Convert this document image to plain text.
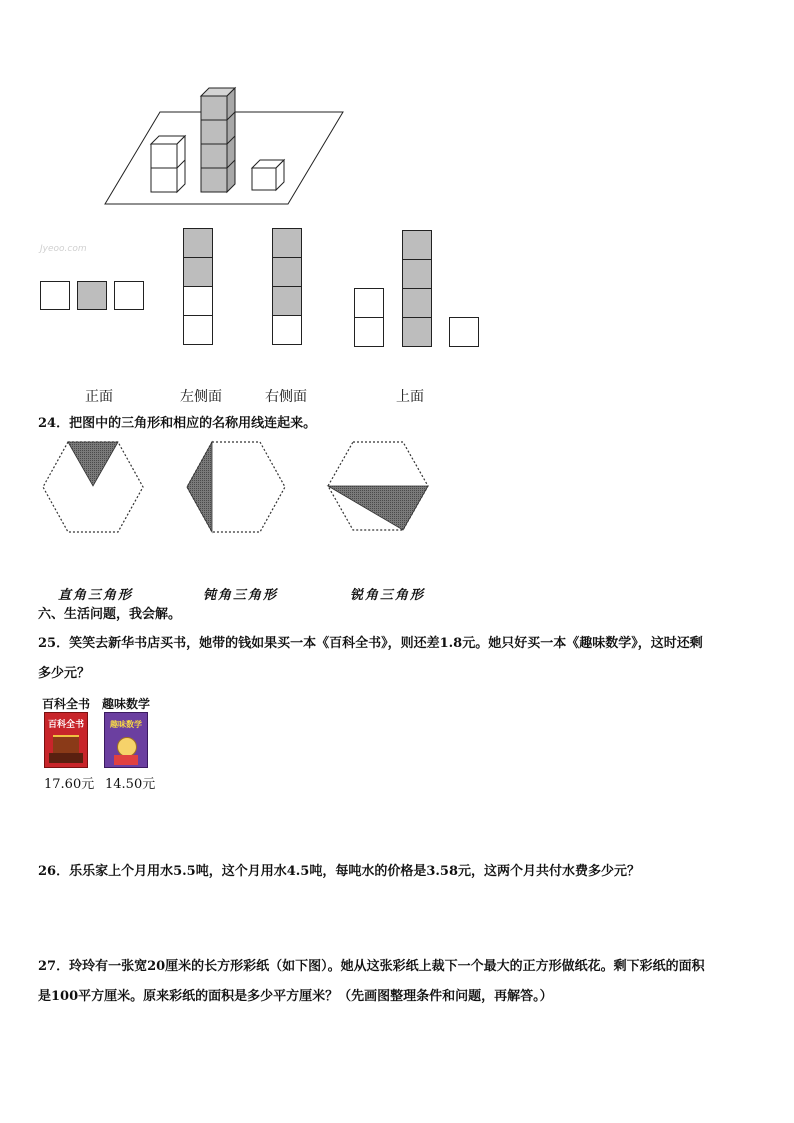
Jyeoo.com
正面	左侧面	右侧面	上面
24．把图中的三角形和相应的名称用线连起来。
直角三角形	钝角三角形	锐角三角形
六、生活问题，我会解。
25．笑笑去新华书店买书，她带的钱如果买一本《百科全书》，则还差1.8元。她只好买一本《趣味数学》，这时还剩
多少元？
百科全书 趣味数学
百科全书	趣味数学
17.60元 14.50元
26．乐乐家上个月用水5.5吨，这个月用水4.5吨，每吨水的价格是3.58元，这两个月共付水费多少元？
27．玲玲有一张宽20厘米的长方形彩纸（如下图）。她从这张彩纸上裁下一个最大的正方形做纸花。剩下彩纸的面积
是100平方厘米。原来彩纸的面积是多少平方厘米？（先画图整理条件和问题，再解答。）
